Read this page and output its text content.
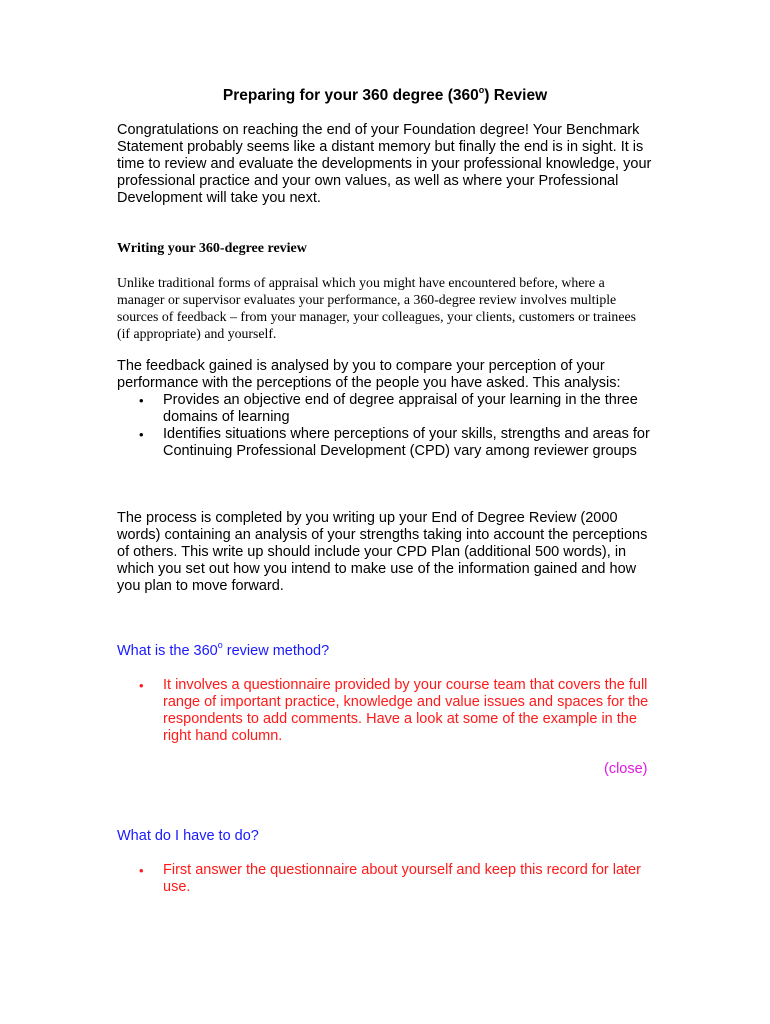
Preparing for your 360 degree (360$^o$) Review
Congratulations on reaching the end of your Foundation degree! Your Benchmark Statement probably seems like a distant memory but finally the end is in sight. It is time to review and evaluate the developments in your professional knowledge, your professional practice and your own values, as well as where your Professional Development will take you next.
Writing your 360-degree review
Unlike traditional forms of appraisal which you might have encountered before, where a manager or supervisor evaluates your performance, a 360-degree review involves multiple sources of feedback – from your manager, your colleagues, your clients, customers or trainees (if appropriate) and yourself.
The feedback gained is analysed by you to compare your perception of your performance with the perceptions of the people you have asked. This analysis:
• Provides an objective end of degree appraisal of your learning in the three domains of learning
• Identifies situations where perceptions of your skills, strengths and areas for Continuing Professional Development (CPD) vary among reviewer groups
The process is completed by you writing up your End of Degree Review (2000 words) containing an analysis of your strengths taking into account the perceptions of others. This write up should include your CPD Plan (additional 500 words), in which you set out how you intend to make use of the information gained and how you plan to move forward.
What is the 360$^o$ review method?
• It involves a questionnaire provided by your course team that covers the full range of important practice, knowledge and value issues and spaces for the respondents to add comments. Have a look at some of the example in the right hand column.
(close)
What do I have to do?
• First answer the questionnaire about yourself and keep this record for later use.
